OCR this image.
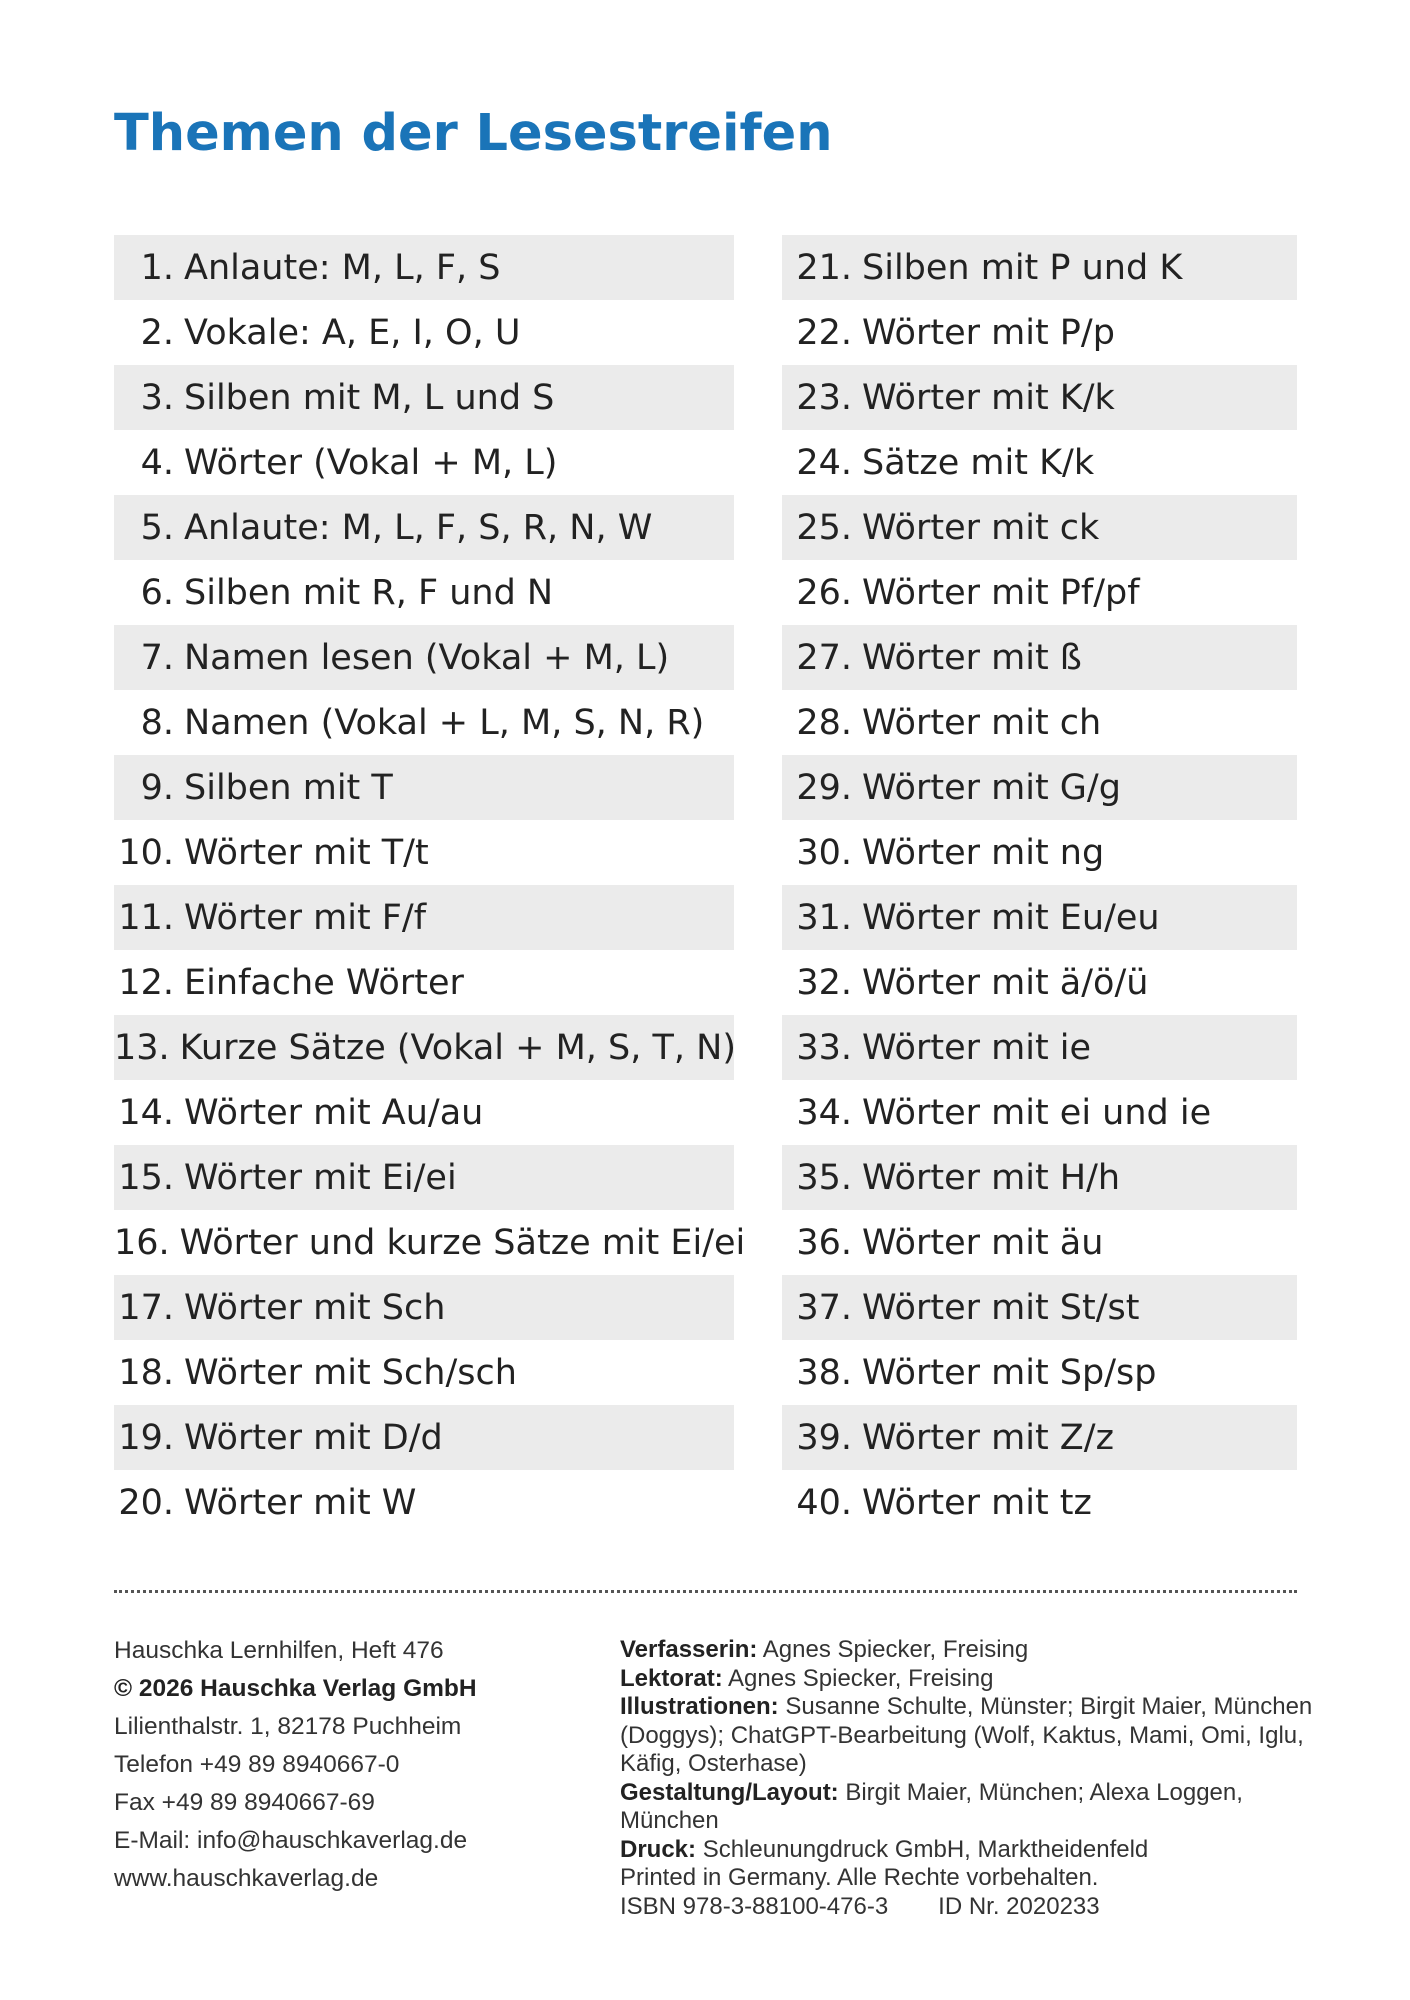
Themen der Lesestreifen
1. Anlaute: M, L, F, S
2. Vokale: A, E, I, O, U
3. Silben mit M, L und S
4. Wörter (Vokal + M, L)
5. Anlaute: M, L, F, S, R, N, W
6. Silben mit R, F und N
7. Namen lesen (Vokal + M, L)
8. Namen (Vokal + L, M, S, N, R)
9. Silben mit T
10. Wörter mit T/t
11. Wörter mit F/f
12. Einfache Wörter
13. Kurze Sätze (Vokal + M, S, T, N)
14. Wörter mit Au/au
15. Wörter mit Ei/ei
16. Wörter und kurze Sätze mit Ei/ei
17. Wörter mit Sch
18. Wörter mit Sch/sch
19. Wörter mit D/d
20. Wörter mit W
21. Silben mit P und K
22. Wörter mit P/p
23. Wörter mit K/k
24. Sätze mit K/k
25. Wörter mit ck
26. Wörter mit Pf/pf
27. Wörter mit ß
28. Wörter mit ch
29. Wörter mit G/g
30. Wörter mit ng
31. Wörter mit Eu/eu
32. Wörter mit ä/ö/ü
33. Wörter mit ie
34. Wörter mit ei und ie
35. Wörter mit H/h
36. Wörter mit äu
37. Wörter mit St/st
38. Wörter mit Sp/sp
39. Wörter mit Z/z
40. Wörter mit tz
Hauschka Lernhilfen, Heft 476
© 2026 Hauschka Verlag GmbH
Lilienthalstr. 1, 82178 Puchheim
Telefon +49 89 8940667-0
Fax +49 89 8940667-69
E-Mail: info@hauschkaverlag.de
www.hauschkaverlag.de
Verfasserin: Agnes Spiecker, Freising
Lektorat: Agnes Spiecker, Freising
Illustrationen: Susanne Schulte, Münster; Birgit Maier, München (Doggys); ChatGPT-Bearbeitung (Wolf, Kaktus, Mami, Omi, Iglu, Käfig, Osterhase)
Gestaltung/Layout: Birgit Maier, München; Alexa Loggen, München
Druck: Schleunungdruck GmbH, Marktheidenfeld
Printed in Germany. Alle Rechte vorbehalten.
ISBN 978-3-88100-476-3 ID Nr. 2020233
